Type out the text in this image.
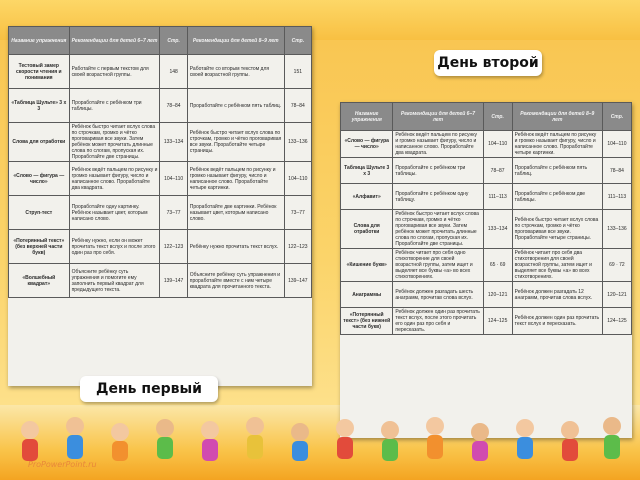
Название упражнения	Рекомендации для детей 6–7 лет	Стр.	Рекомендации для детей 8–9 лет	Стр.
Тестовый замер скорости чтения и понимания	Работайте с первым текстом для своей возрастной группы.	148	Работайте со вторым текстом для своей возрастной группы.	151
«Таблица Шульте» 3 x 3	Проработайте с ребёнком три таблицы.	78–84	Проработайте с ребёнком пять таблиц.	78–84
Слова для отработки	Ребёнок быстро читает вслух слова по строчкам, громко и чётко проговаривая все звуки. Затем ребёнок может прочитать длинные слова по слогам, пропуская их. Проработайте две страницы.	133–134	Ребёнок быстро читает вслух слова по строчкам, громко и чётко проговаривая все звуки. Проработайте четыре страницы.	133–136
«Слово — фигура — число»	Ребёнок ведёт пальцем по рисунку и громко называет фигуру, число и написанное слово. Проработайте два квадрата.	104–110	Ребёнок ведёт пальцем по рисунку и громко называет фигуру, число и написанное слово. Проработайте четыре картинки.	104–110
Струп-тест	Проработайте одну картинку. Ребёнок называет цвет, которым написано слово.	73–77	Проработайте две картинки. Ребёнок называет цвет, которым написано слово.	73–77
«Потерянный текст» (без верхней части букв)	Ребёнку нужно, если он может прочитать текст вслух и после этого один раз про себя.	122–123	Ребёнку нужно прочитать текст вслух.	122–123
«Волшебный квадрат»	Объясните ребёнку суть упражнения и помогите ему заполнить первый квадрат для предыдущего текста.	139–147	Объясните ребёнку суть упражнения и проработайте вместе с ним четыре квадрата для прочитанного текста.	139–147
Название упражнения	Рекомендации для детей 6–7 лет	Стр.	Рекомендации для детей 8–9 лет	Стр.
«Слово — фигура — число»	Ребёнок ведёт пальцем по рисунку и громко называет фигуру, число и написанное слово. Проработайте два квадрата.	104–110	Ребёнок ведёт пальцем по рисунку и громко называет фигуру, число и написанное слово. Проработайте четыре картинки.	104–110
Таблица Шульте 3 x 3	Проработайте с ребёнком три таблицы.	78–87	Проработайте с ребёнком пять таблиц.	78–84
«Алфавит»	Проработайте с ребёнком одну таблицу.	111–113	Проработайте с ребёнком две таблицы.	111–113
Слова для отработки	Ребёнок быстро читает вслух слова по строчкам, громко и чётко проговаривая все звуки. Затем ребёнок может прочитать длинные слова по слогам, пропуская их. Проработайте две страницы.	133–134	Ребёнок быстро читает вслух слова по строчкам, громко и чётко проговаривая все звуки. Проработайте четыре страницы.	133–136
«Кишение букв»	Ребёнок читает про себя одно стихотворение для своей возрастной группы, затем ищет и выделяет все буквы «а» во всех стихотворениях.	65 · 69	Ребёнок читает про себя два стихотворения для своей возрастной группы, затем ищет и выделяет все буквы «а» во всех стихотворениях.	69 · 72
Анаграммы	Ребёнок должен разгадать шесть анаграмм, прочитав слова вслух.	120–121	Ребёнок должен разгадать 12 анаграмм, прочитав слова вслух.	120–121
«Потерянный текст» (без нижней части букв)	Ребёнок должен один раз прочитать текст вслух, после этого прочитать его один раз про себя и пересказать.	124–125	Ребёнок должен один раз прочитать текст вслух и пересказать.	124–125
День второй
День первый
ProPowerPoint.ru
